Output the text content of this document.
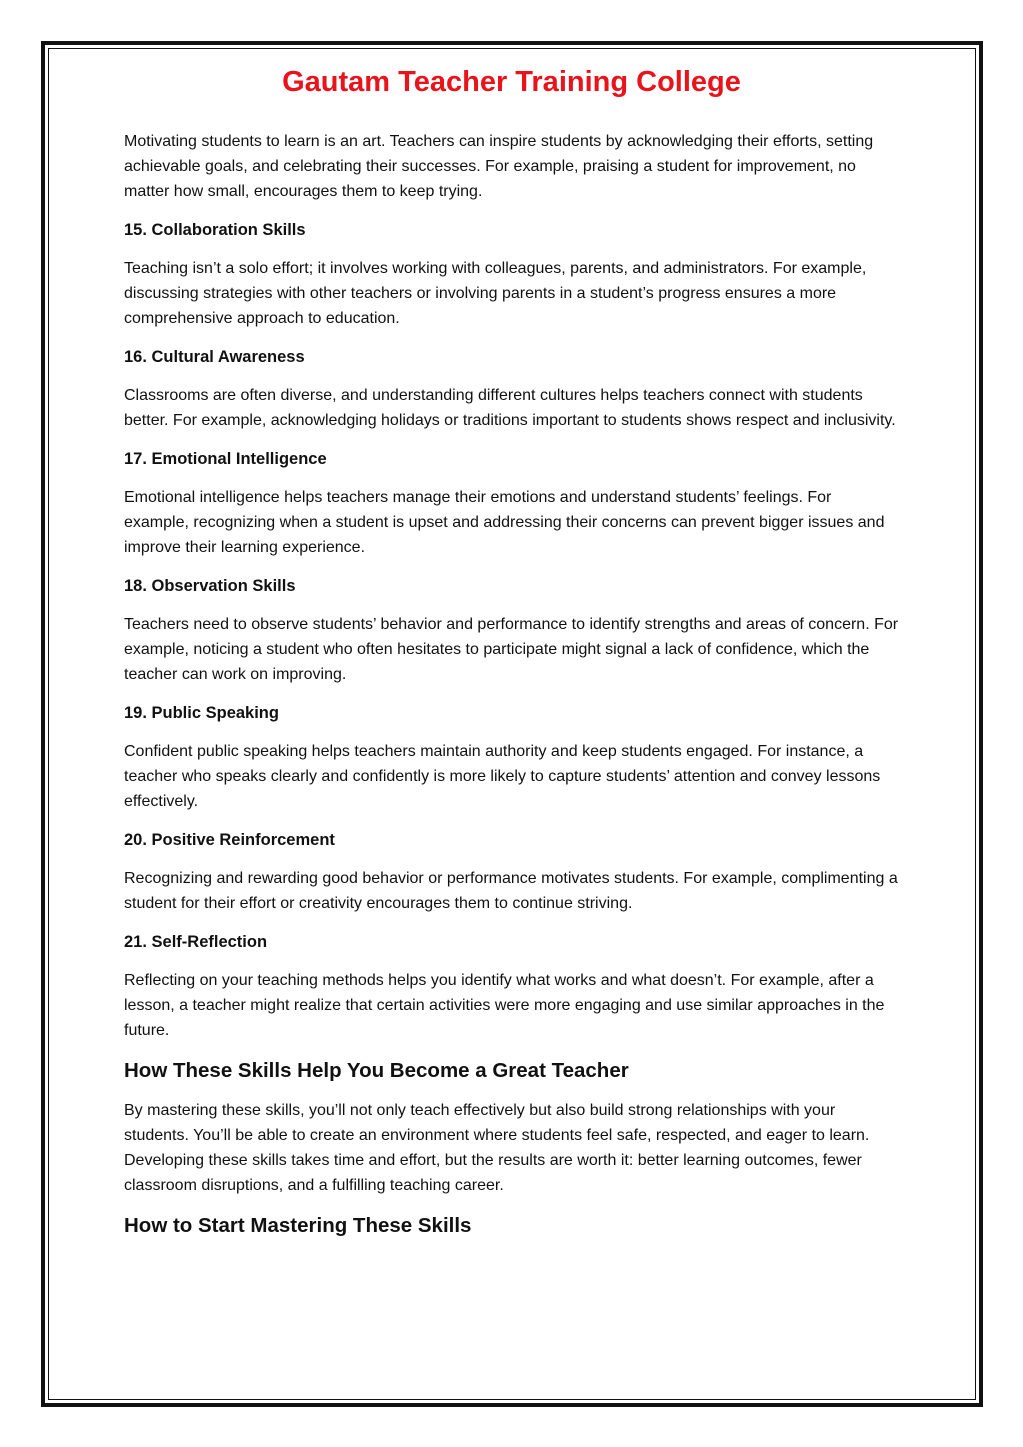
Gautam Teacher Training College

Motivating students to learn is an art. Teachers can inspire students by acknowledging their efforts, setting achievable goals, and celebrating their successes. For example, praising a student for improvement, no matter how small, encourages them to keep trying.

15. Collaboration Skills

Teaching isn’t a solo effort; it involves working with colleagues, parents, and administrators. For example, discussing strategies with other teachers or involving parents in a student’s progress ensures a more comprehensive approach to education.

16. Cultural Awareness

Classrooms are often diverse, and understanding different cultures helps teachers connect with students better. For example, acknowledging holidays or traditions important to students shows respect and inclusivity.

17. Emotional Intelligence

Emotional intelligence helps teachers manage their emotions and understand students’ feelings. For example, recognizing when a student is upset and addressing their concerns can prevent bigger issues and improve their learning experience.

18. Observation Skills

Teachers need to observe students’ behavior and performance to identify strengths and areas of concern. For example, noticing a student who often hesitates to participate might signal a lack of confidence, which the teacher can work on improving.

19. Public Speaking

Confident public speaking helps teachers maintain authority and keep students engaged. For instance, a teacher who speaks clearly and confidently is more likely to capture students’ attention and convey lessons effectively.

20. Positive Reinforcement

Recognizing and rewarding good behavior or performance motivates students. For example, complimenting a student for their effort or creativity encourages them to continue striving.

21. Self-Reflection

Reflecting on your teaching methods helps you identify what works and what doesn’t. For example, after a lesson, a teacher might realize that certain activities were more engaging and use similar approaches in the future.

How These Skills Help You Become a Great Teacher

By mastering these skills, you’ll not only teach effectively but also build strong relationships with your students. You’ll be able to create an environment where students feel safe, respected, and eager to learn. Developing these skills takes time and effort, but the results are worth it: better learning outcomes, fewer classroom disruptions, and a fulfilling teaching career.

How to Start Mastering These Skills
